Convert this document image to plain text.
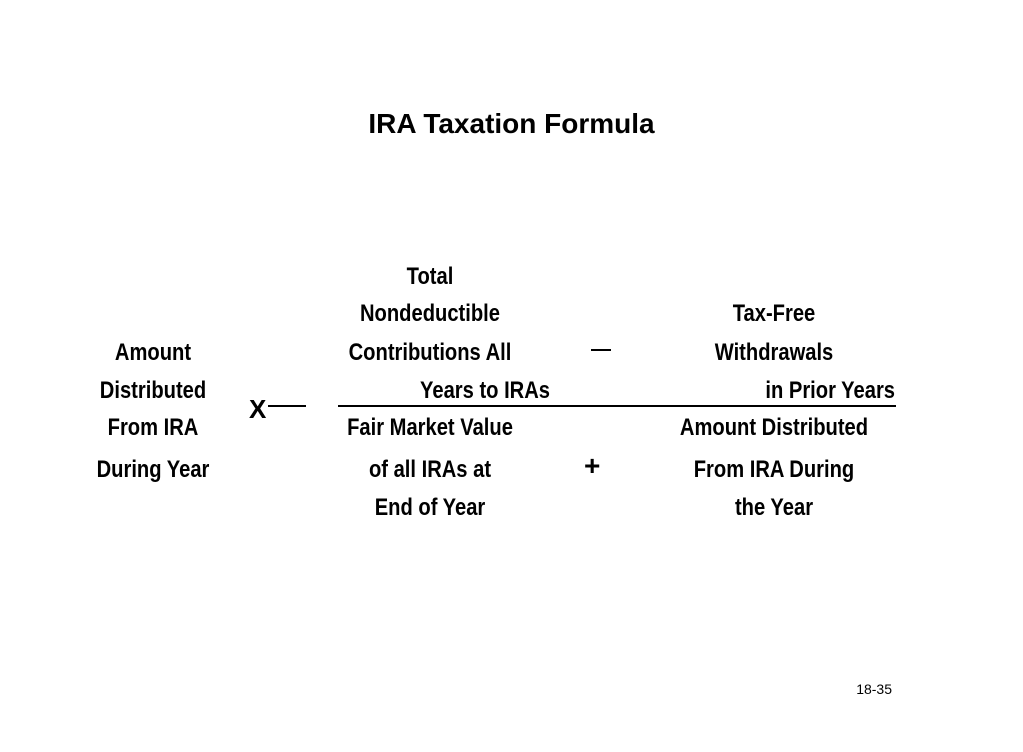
IRA Taxation Formula
Amount
Distributed
From IRA
During Year
X
Total
Nondeductible
Contributions All
Years to IRAs
Tax-Free
Withdrawals
in Prior Years
Fair Market Value
of all IRAs at
End of Year
+
Amount Distributed
From IRA During
the Year
18-35
